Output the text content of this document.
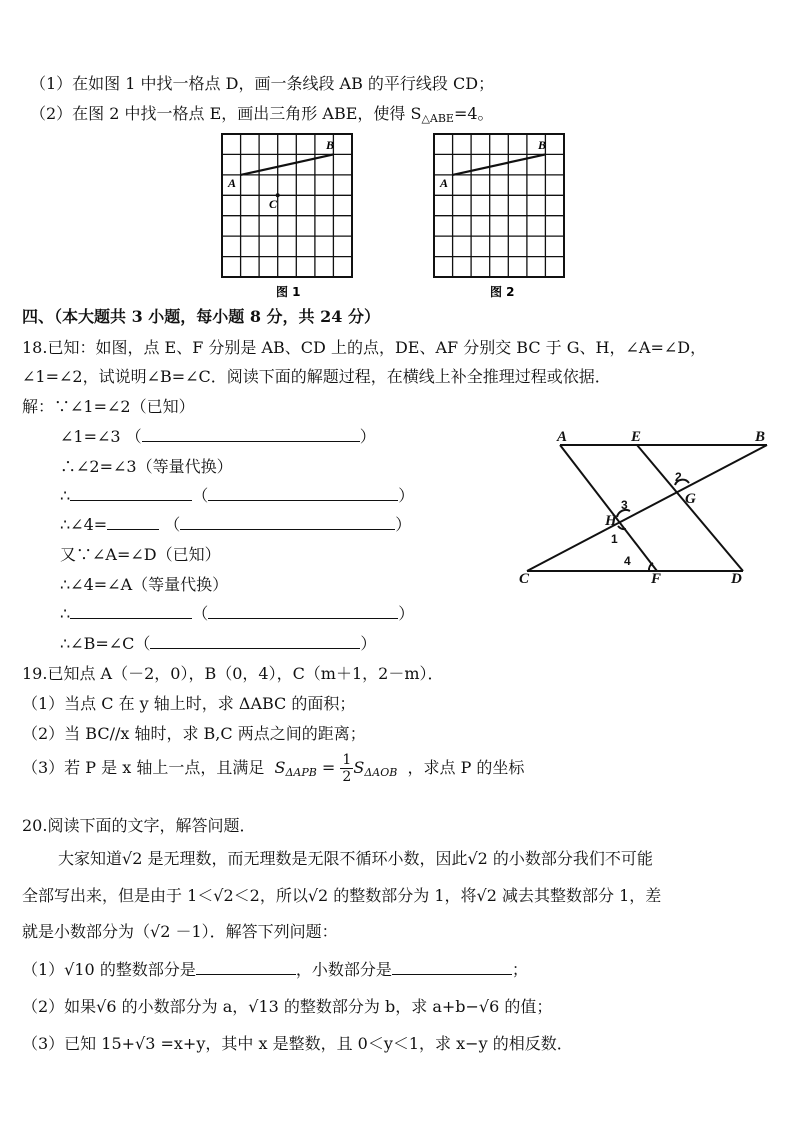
（1）在如图 1 中找一格点 D，画一条线段 AB 的平行线段 CD；
（2）在图 2 中找一格点 E，画出三角形 ABE，使得 $S_{\triangle ABE}=4$。
A
B
C
图 1
A
B
图 2
四、（本大题共 3 小题，每小题 8 分，共 24 分）
18.已知：如图，点 E、F 分别是 AB、CD 上的点，DE、AF 分别交 BC 于 G、H，∠A=∠D，
∠1=∠2，试说明∠B=∠C．阅读下面的解题过程，在横线上补全推理过程或依据．
解：∵∠1=∠2（已知）
∠1=∠3 （	）
∴∠2=∠3（等量代换）
∴	（	）
∴∠4=	（	）
又∵∠A=∠D（已知）
∴∠4=∠A（等量代换）
∴	（	）
∴∠B=∠C（	）
A	E	B
C	F	D
H
G
3
1
2
4
19.已知点 A（－2，0），B（0，4），C（m＋1，2－m）．
（1）当点 C 在 y 轴上时，求 ΔABC 的面积；
（2）当 BC//x 轴时，求 B,C 两点之间的距离；
（3）若 P 是 x 轴上一点，且满足 $S_{\Delta APB} = \frac{1}{2} S_{\Delta AOB}$ ，求点 P 的坐标
20.阅读下面的文字，解答问题．
大家知道√2 是无理数，而无理数是无限不循环小数，因此√2 的小数部分我们不可能
全部写出来，但是由于 1＜√2＜2，所以√2 的整数部分为 1，将√2 减去其整数部分 1，差
就是小数部分为（√2 －1）．解答下列问题：
（1）√10 的整数部分是	，小数部分是	；
（2）如果√6 的小数部分为 a，√13 的整数部分为 b，求 a+b−√6 的值；
（3）已知 15+√3 =x+y，其中 x 是整数，且 0＜y＜1，求 x−y 的相反数．
